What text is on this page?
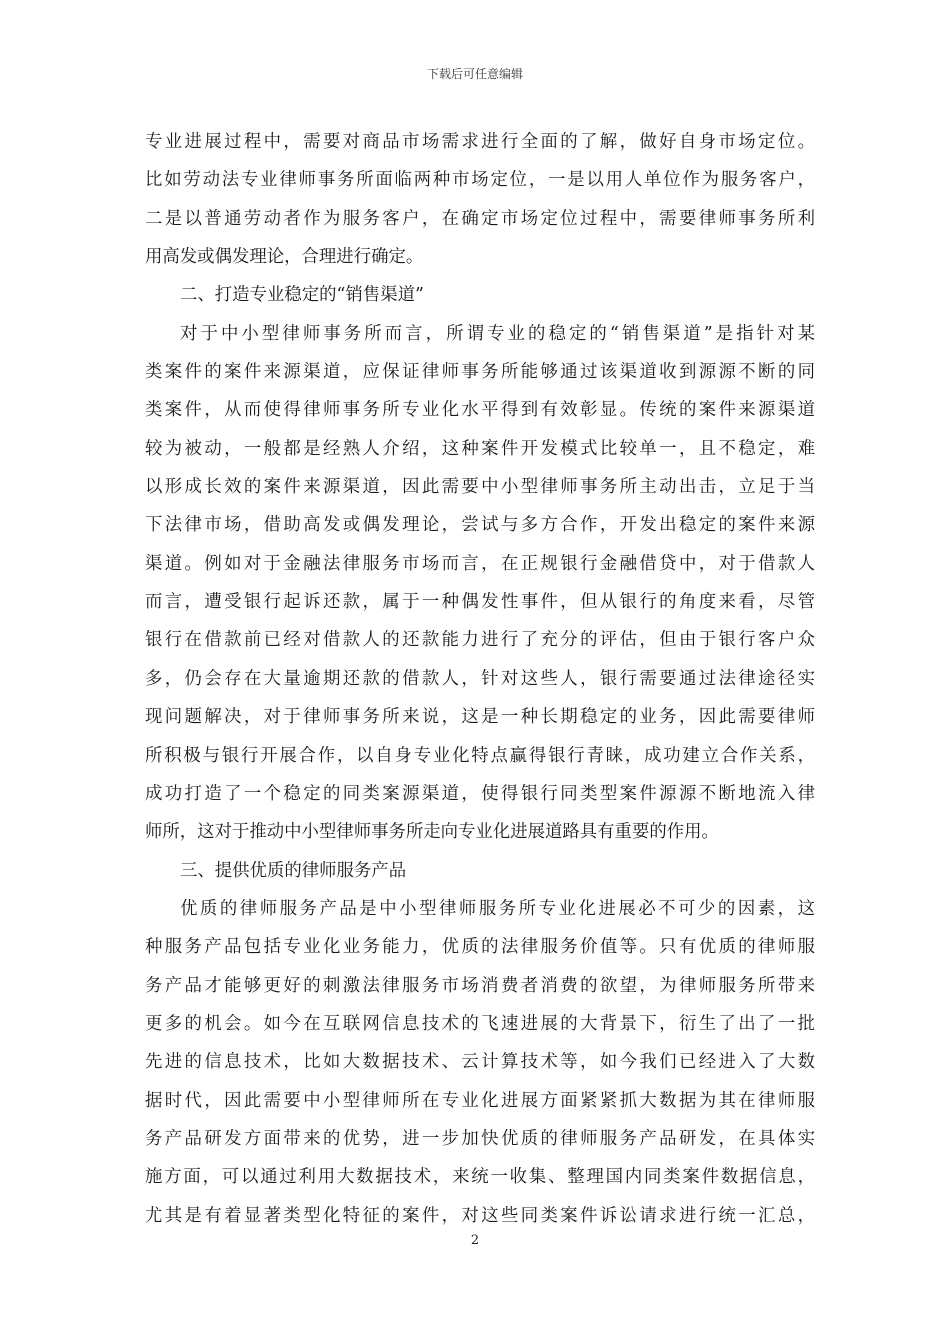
下载后可任意编辑
专业进展过程中，需要对商品市场需求进行全面的了解，做好自身市场定位。
比如劳动法专业律师事务所面临两种市场定位，一是以用人单位作为服务客户，
二是以普通劳动者作为服务客户，在确定市场定位过程中，需要律师事务所利
用高发或偶发理论，合理进行确定。
二、打造专业稳定的“销售渠道”
对于中小型律师事务所而言，所谓专业的稳定的“销售渠道”是指针对某
类案件的案件来源渠道，应保证律师事务所能够通过该渠道收到源源不断的同
类案件，从而使得律师事务所专业化水平得到有效彰显。传统的案件来源渠道
较为被动，一般都是经熟人介绍，这种案件开发模式比较单一，且不稳定，难
以形成长效的案件来源渠道，因此需要中小型律师事务所主动出击，立足于当
下法律市场，借助高发或偶发理论，尝试与多方合作，开发出稳定的案件来源
渠道。例如对于金融法律服务市场而言，在正规银行金融借贷中，对于借款人
而言，遭受银行起诉还款，属于一种偶发性事件，但从银行的角度来看，尽管
银行在借款前已经对借款人的还款能力进行了充分的评估，但由于银行客户众
多，仍会存在大量逾期还款的借款人，针对这些人，银行需要通过法律途径实
现问题解决，对于律师事务所来说，这是一种长期稳定的业务，因此需要律师
所积极与银行开展合作，以自身专业化特点赢得银行青睐，成功建立合作关系，
成功打造了一个稳定的同类案源渠道，使得银行同类型案件源源不断地流入律
师所，这对于推动中小型律师事务所走向专业化进展道路具有重要的作用。
三、提供优质的律师服务产品
优质的律师服务产品是中小型律师服务所专业化进展必不可少的因素，这
种服务产品包括专业化业务能力，优质的法律服务价值等。只有优质的律师服
务产品才能够更好的刺激法律服务市场消费者消费的欲望，为律师服务所带来
更多的机会。如今在互联网信息技术的飞速进展的大背景下，衍生了出了一批
先进的信息技术，比如大数据技术、云计算技术等，如今我们已经进入了大数
据时代，因此需要中小型律师所在专业化进展方面紧紧抓大数据为其在律师服
务产品研发方面带来的优势，进一步加快优质的律师服务产品研发，在具体实
施方面，可以通过利用大数据技术，来统一收集、整理国内同类案件数据信息，
尤其是有着显著类型化特征的案件，对这些同类案件诉讼请求进行统一汇总，
2
